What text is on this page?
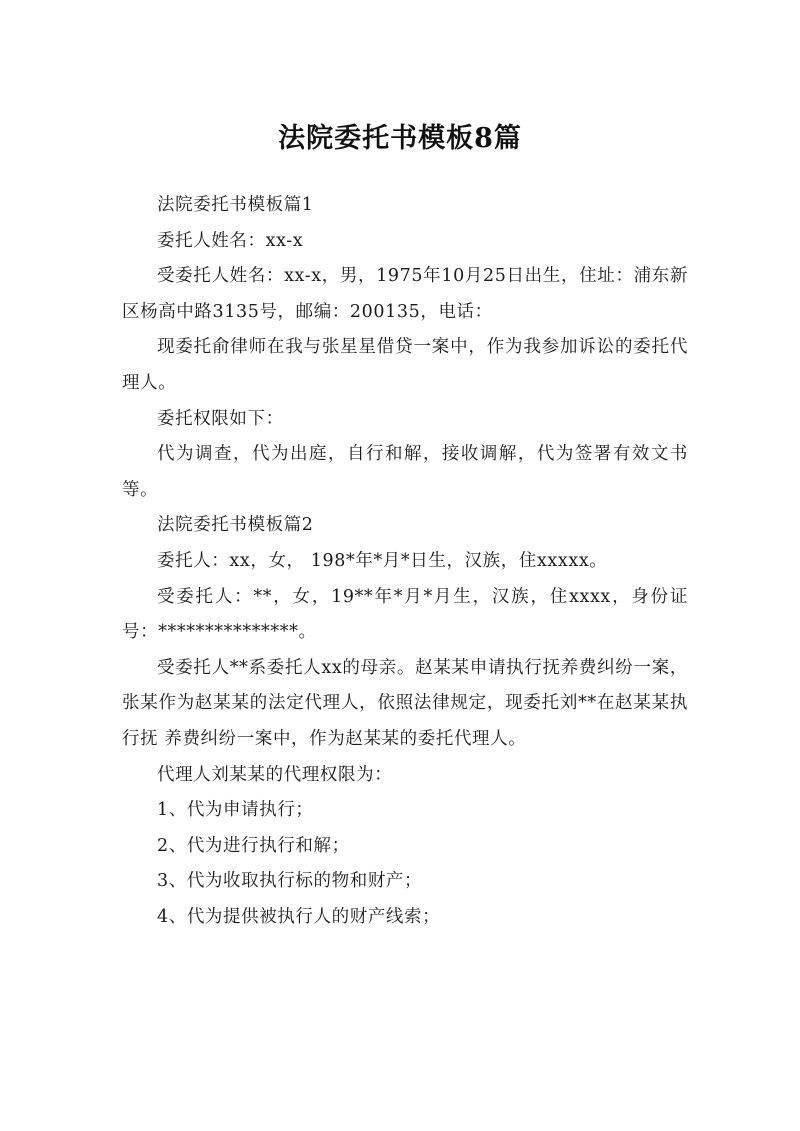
法院委托书模板8篇

法院委托书模板篇1

委托人姓名：xx-x

受委托人姓名：xx-x，男，1975年10月25日出生，住址：浦东新区杨高中路3135号，邮编：200135，电话：

现委托俞律师在我与张星星借贷一案中，作为我参加诉讼的委托代理人。

委托权限如下：

代为调查，代为出庭，自行和解，接收调解，代为签署有效文书等。

法院委托书模板篇2

委托人：xx，女， 198*年*月*日生，汉族，住xxxxx。

受委托人：**，女，19**年*月*月生，汉族，住xxxx，身份证号：***************。

受委托人**系委托人xx的母亲。赵某某申请执行抚养费纠纷一案，张某作为赵某某的法定代理人，依照法律规定，现委托刘**在赵某某执行抚 养费纠纷一案中，作为赵某某的委托代理人。

代理人刘某某的代理权限为：

1、代为申请执行；

2、代为进行执行和解；

3、代为收取执行标的物和财产；

4、代为提供被执行人的财产线索；
